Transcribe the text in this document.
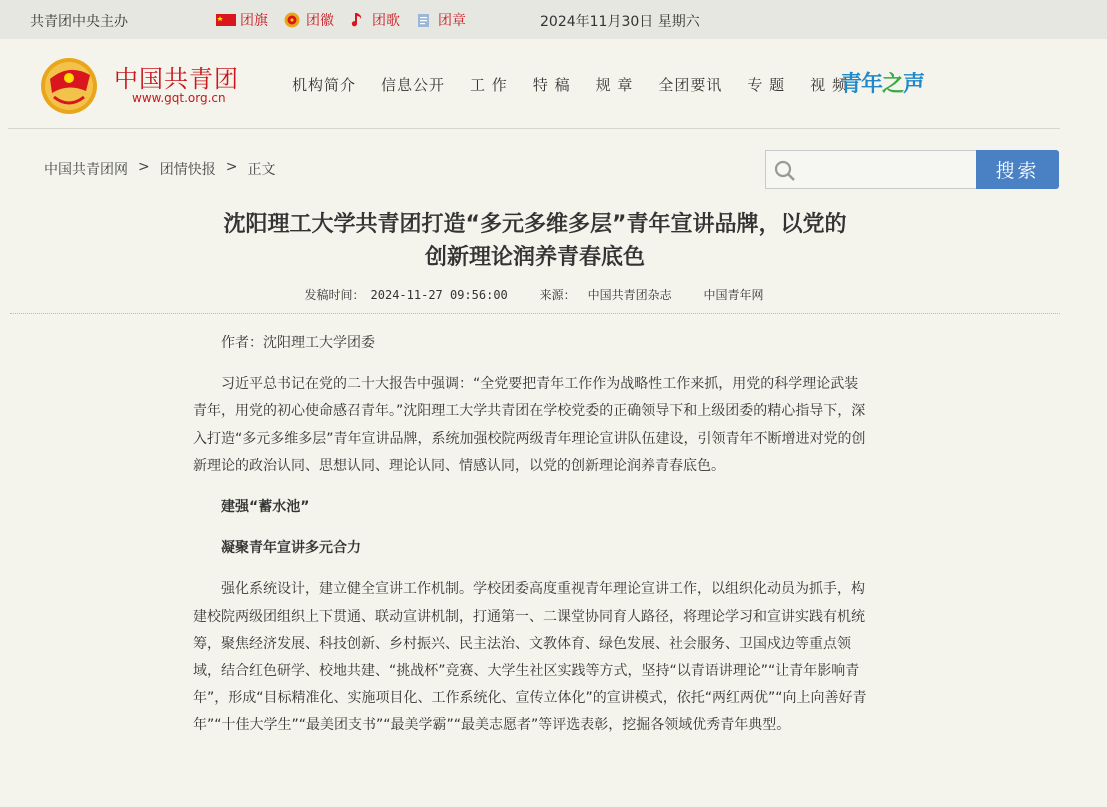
共青团中央主办	团旗	团徽	团歌	团章	2024年11月30日 星期六
中国共青团
www.gqt.org.cn
机构简介 信息公开 工 作 特 稿 规 章 全团要讯 专 题 视 频
青年之声
中国共青团网 > 团情快报 > 正文	搜索
沈阳理工大学共青团打造“多元多维多层”青年宣讲品牌，以党的
创新理论润养青春底色
发稿时间： 2024-11-27 09:56:00	来源： 中国共青团杂志	中国青年网

作者：沈阳理工大学团委

习近平总书记在党的二十大报告中强调：“全党要把青年工作作为战略性工作来抓，用党的科学理论武装青年，用党的初心使命感召青年。”沈阳理工大学共青团在学校党委的正确领导下和上级团委的精心指导下，深入打造“多元多维多层”青年宣讲品牌，系统加强校院两级青年理论宣讲队伍建设，引领青年不断增进对党的创新理论的政治认同、思想认同、理论认同、情感认同，以党的创新理论润养青春底色。

建强“蓄水池”

凝聚青年宣讲多元合力

强化系统设计，建立健全宣讲工作机制。学校团委高度重视青年理论宣讲工作，以组织化动员为抓手，构建校院两级团组织上下贯通、联动宣讲机制，打通第一、二课堂协同育人路径，将理论学习和宣讲实践有机统筹，聚焦经济发展、科技创新、乡村振兴、民主法治、文教体育、绿色发展、社会服务、卫国戍边等重点领域，结合红色研学、校地共建、“挑战杯”竞赛、大学生社区实践等方式，坚持“以青语讲理论”“让青年影响青年”，形成“目标精准化、实施项目化、工作系统化、宣传立体化”的宣讲模式，依托“两红两优”“向上向善好青年”“十佳大学生”“最美团支书”“最美学霸”“最美志愿者”等评选表彰，挖掘各领域优秀青年典型。
